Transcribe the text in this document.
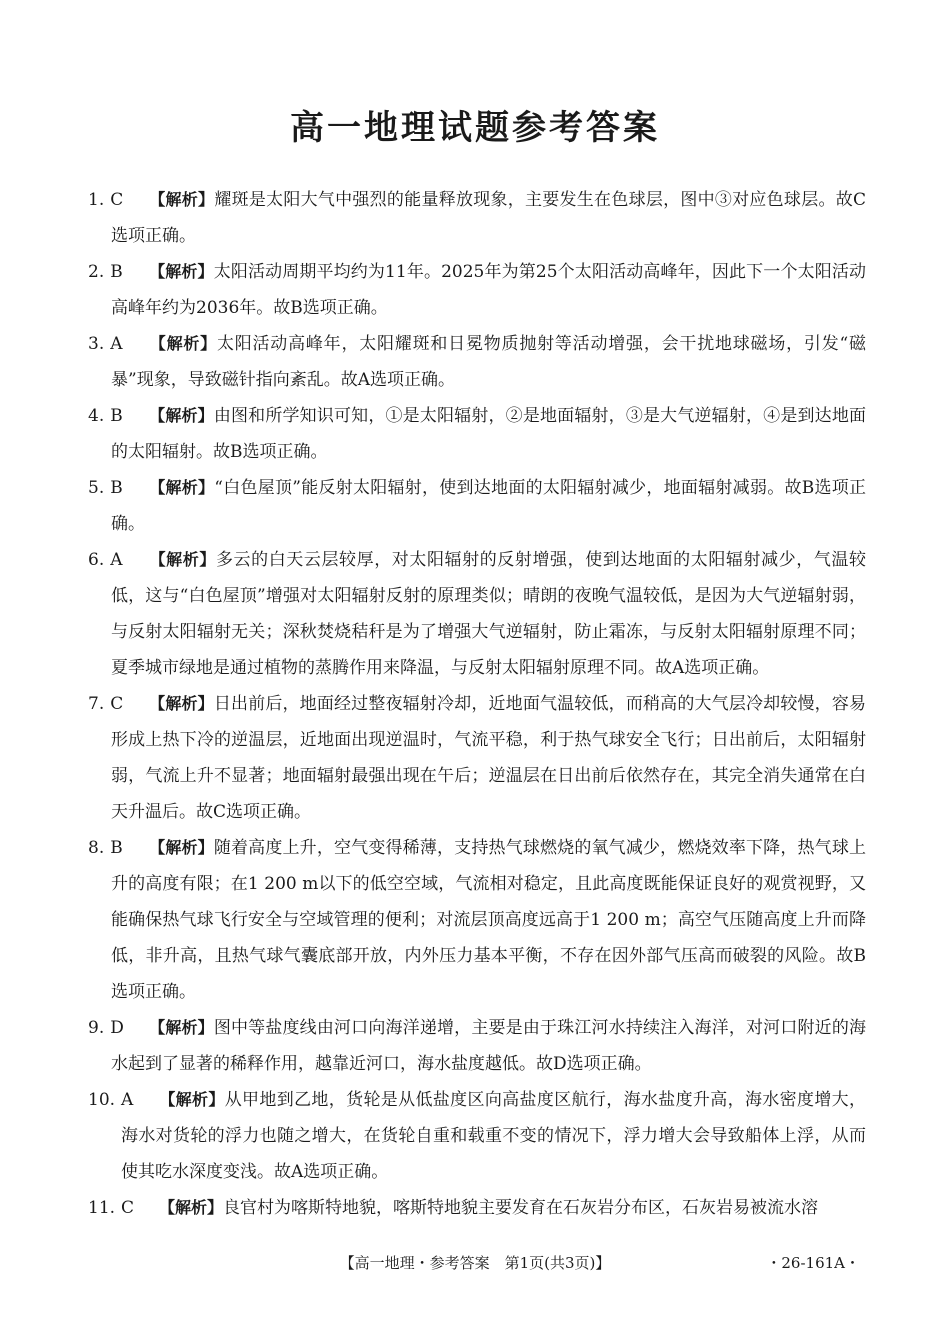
高一地理试题参考答案
1. C	【解析】耀斑是太阳大气中强烈的能量释放现象，主要发生在色球层，图中③对应色球层。故C选项正确。
2. B	【解析】太阳活动周期平均约为11年。2025年为第25个太阳活动高峰年，因此下一个太阳活动高峰年约为2036年。故B选项正确。
3. A	【解析】太阳活动高峰年，太阳耀斑和日冕物质抛射等活动增强，会干扰地球磁场，引发“磁暴”现象，导致磁针指向紊乱。故A选项正确。
4. B	【解析】由图和所学知识可知，①是太阳辐射，②是地面辐射，③是大气逆辐射，④是到达地面的太阳辐射。故B选项正确。
5. B	【解析】“白色屋顶”能反射太阳辐射，使到达地面的太阳辐射减少，地面辐射减弱。故B选项正确。
6. A	【解析】多云的白天云层较厚，对太阳辐射的反射增强，使到达地面的太阳辐射减少，气温较低，这与“白色屋顶”增强对太阳辐射反射的原理类似；晴朗的夜晚气温较低，是因为大气逆辐射弱，与反射太阳辐射无关；深秋焚烧秸秆是为了增强大气逆辐射，防止霜冻，与反射太阳辐射原理不同；夏季城市绿地是通过植物的蒸腾作用来降温，与反射太阳辐射原理不同。故A选项正确。
7. C	【解析】日出前后，地面经过整夜辐射冷却，近地面气温较低，而稍高的大气层冷却较慢，容易形成上热下冷的逆温层，近地面出现逆温时，气流平稳，利于热气球安全飞行；日出前后，太阳辐射弱，气流上升不显著；地面辐射最强出现在午后；逆温层在日出前后依然存在，其完全消失通常在白天升温后。故C选项正确。
8. B	【解析】随着高度上升，空气变得稀薄，支持热气球燃烧的氧气减少，燃烧效率下降，热气球上升的高度有限；在1 200 m以下的低空空域，气流相对稳定，且此高度既能保证良好的观赏视野，又能确保热气球飞行安全与空域管理的便利；对流层顶高度远高于1 200 m；高空气压随高度上升而降低，非升高，且热气球气囊底部开放，内外压力基本平衡，不存在因外部气压高而破裂的风险。故B选项正确。
9. D	【解析】图中等盐度线由河口向海洋递增，主要是由于珠江河水持续注入海洋，对河口附近的海水起到了显著的稀释作用，越靠近河口，海水盐度越低。故D选项正确。
10. A	【解析】从甲地到乙地，货轮是从低盐度区向高盐度区航行，海水盐度升高，海水密度增大，海水对货轮的浮力也随之增大，在货轮自重和载重不变的情况下，浮力增大会导致船体上浮，从而使其吃水深度变浅。故A选项正确。
11. C	【解析】良官村为喀斯特地貌，喀斯特地貌主要发育在石灰岩分布区，石灰岩易被流水溶
【高一地理・参考答案　第1页(共3页)】	・26-161A・
